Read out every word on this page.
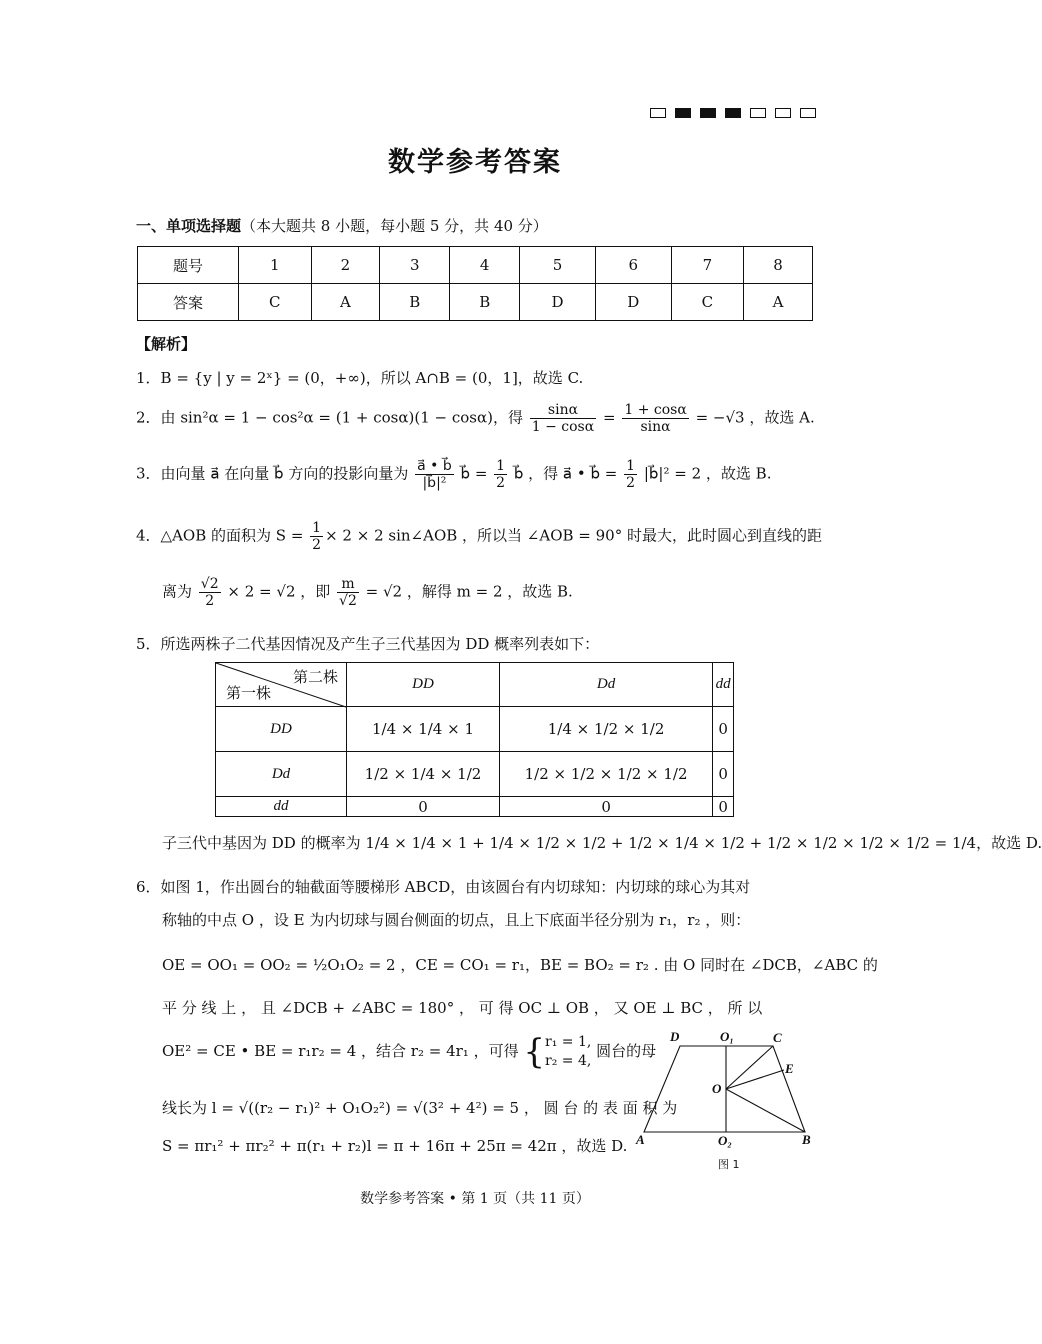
数学参考答案
一、单项选择题（本大题共 8 小题，每小题 5 分，共 40 分）
题号	1	2	3	4	5	6	7	8
答案	C	A	B	B	D	D	C	A
【解析】
1．B = {y | y = 2ˣ} = (0，+∞)，所以 A∩B = (0，1]，故选 C.
2．由 sin²α = 1 − cos²α = (1 + cosα)(1 − cosα)，得 $\frac{\sin\alpha}{1 - \cos\alpha} = \frac{1 + \cos\alpha}{\sin\alpha} = -√3$ ，故选 A.
3．由向量 a⃗ 在向量 b⃗ 方向的投影向量为 $\frac{a⃗ • b⃗}{\text{|b⃗|²}}$ b⃗ = $\frac{1}{2}$ b⃗ ，得 a⃗ • b⃗ = $\frac{1}{2}$ |b⃗|² = 2 ，故选 B.
4．△AOB 的面积为 $S = \frac{1}{2} \times 2 \times 2$ sin∠AOB ，所以当 ∠AOB = 90° 时最大，此时圆心到直线的距
离为 $\frac{√2}{2} \times 2 = √2$ ，即 $\frac{m}{√2} = √2$ ，解得 m = 2 ，故选 B.
5．所选两株子二代基因情况及产生子三代基因为 DD 概率列表如下：
第二株
第一株	DD	Dd	dd
DD	1/4 × 1/4 × 1	1/4 × 1/2 × 1/2	0
Dd	1/2 × 1/4 × 1/2	1/2 × 1/2 × 1/2 × 1/2	0
dd	0	0	0
子三代中基因为 DD 的概率为 1/4 × 1/4 × 1 + 1/4 × 1/2 × 1/2 + 1/2 × 1/4 × 1/2 + 1/2 × 1/2 × 1/2 × 1/2 = 1/4，故选 D.
6．如图 1，作出圆台的轴截面等腰梯形 ABCD，由该圆台有内切球知：内切球的球心为其对
称轴的中点 O ，设 E 为内切球与圆台侧面的切点，且上下底面半径分别为 r₁，r₂ ，则：
OE = OO₁ = OO₂ = ½O₁O₂ = 2 ，CE = CO₁ = r₁，BE = BO₂ = r₂ . 由 O 同时在 ∠DCB，∠ABC 的
平 分 线 上 ， 且 ∠DCB + ∠ABC = 180° ， 可 得 OC ⊥ OB ， 又 OE ⊥ BC ， 所 以
OE² = CE • BE = r₁r₂ = 4 ，结合 r₂ = 4r₁ ，可得 { r₁ = 1,
r₂ = 4,
圆台的母
线长为 l = √((r₂ − r₁)² + O₁O₂²) = √(3² + 4²) = 5 ， 圆 台 的 表 面 积 为
S = πr₁² + πr₂² + π(r₁ + r₂)l = π + 16π + 25π = 42π ，故选 D.
D	O₁	C
E
O
A	O₂	B
图 1
数学参考答案 • 第 1 页（共 11 页）
